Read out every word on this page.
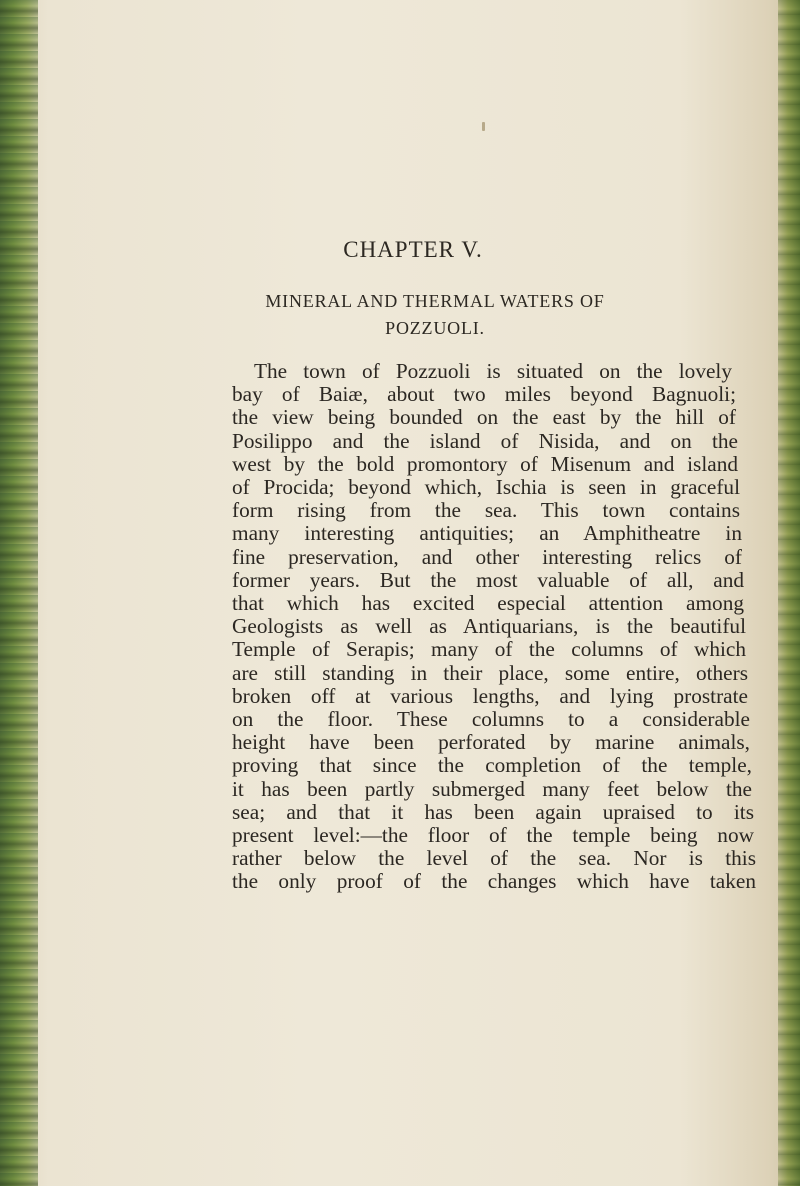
CHAPTER V.
MINERAL AND THERMAL WATERS OF
POZZUOLI.
The town of Pozzuoli is situated on the lovely
bay of Baiæ, about two miles beyond Bagnuoli;
the view being bounded on the east by the hill of
Posilippo and the island of Nisida, and on the
west by the bold promontory of Misenum and island
of Procida; beyond which, Ischia is seen in graceful
form rising from the sea. This town contains
many interesting antiquities; an Amphitheatre in
fine preservation, and other interesting relics of
former years. But the most valuable of all, and
that which has excited especial attention among
Geologists as well as Antiquarians, is the beautiful
Temple of Serapis; many of the columns of which
are still standing in their place, some entire, others
broken off at various lengths, and lying prostrate
on the floor. These columns to a considerable
height have been perforated by marine animals,
proving that since the completion of the temple,
it has been partly submerged many feet below the
sea; and that it has been again upraised to its
present level:—the floor of the temple being now
rather below the level of the sea. Nor is this
the only proof of the changes which have taken
